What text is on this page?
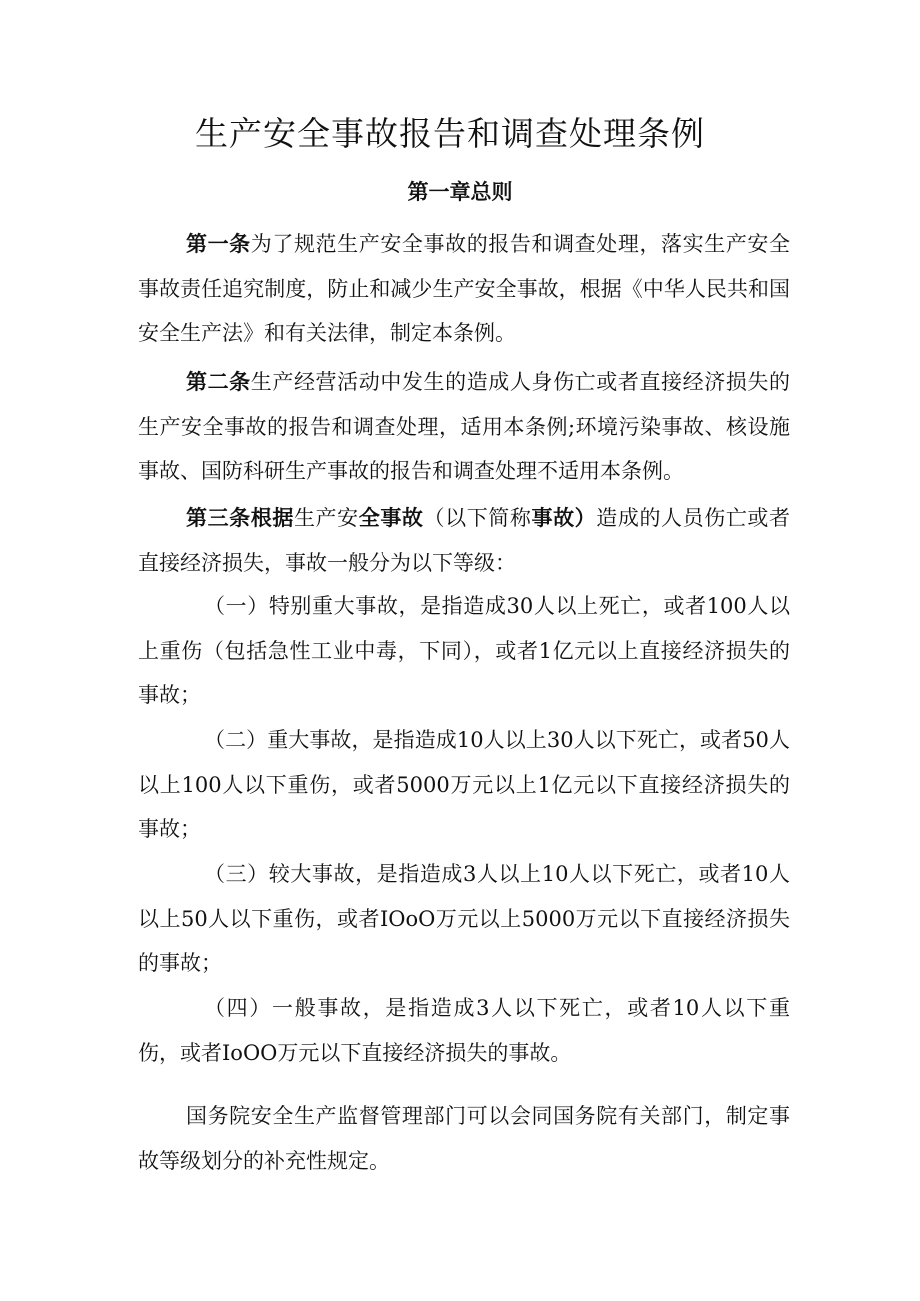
生产安全事故报告和调查处理条例
第一章总则

第一条为了规范生产安全事故的报告和调查处理，落实生产安全事故责任追究制度，防止和减少生产安全事故，根据《中华人民共和国安全生产法》和有关法律，制定本条例。

第二条生产经营活动中发生的造成人身伤亡或者直接经济损失的生产安全事故的报告和调查处理，适用本条例;环境污染事故、核设施事故、国防科研生产事故的报告和调查处理不适用本条例。

第三条根据生产安全事故（以下简称事故）造成的人员伤亡或者直接经济损失，事故一般分为以下等级：

（一）特别重大事故，是指造成30人以上死亡，或者100人以上重伤（包括急性工业中毒，下同），或者1亿元以上直接经济损失的事故；

（二）重大事故，是指造成10人以上30人以下死亡，或者50人以上100人以下重伤，或者5000万元以上1亿元以下直接经济损失的事故；

（三）较大事故，是指造成3人以上10人以下死亡，或者10人以上50人以下重伤，或者IOoO万元以上5000万元以下直接经济损失的事故；

（四）一般事故，是指造成3人以下死亡，或者10人以下重伤，或者IoOO万元以下直接经济损失的事故。

国务院安全生产监督管理部门可以会同国务院有关部门，制定事故等级划分的补充性规定。
